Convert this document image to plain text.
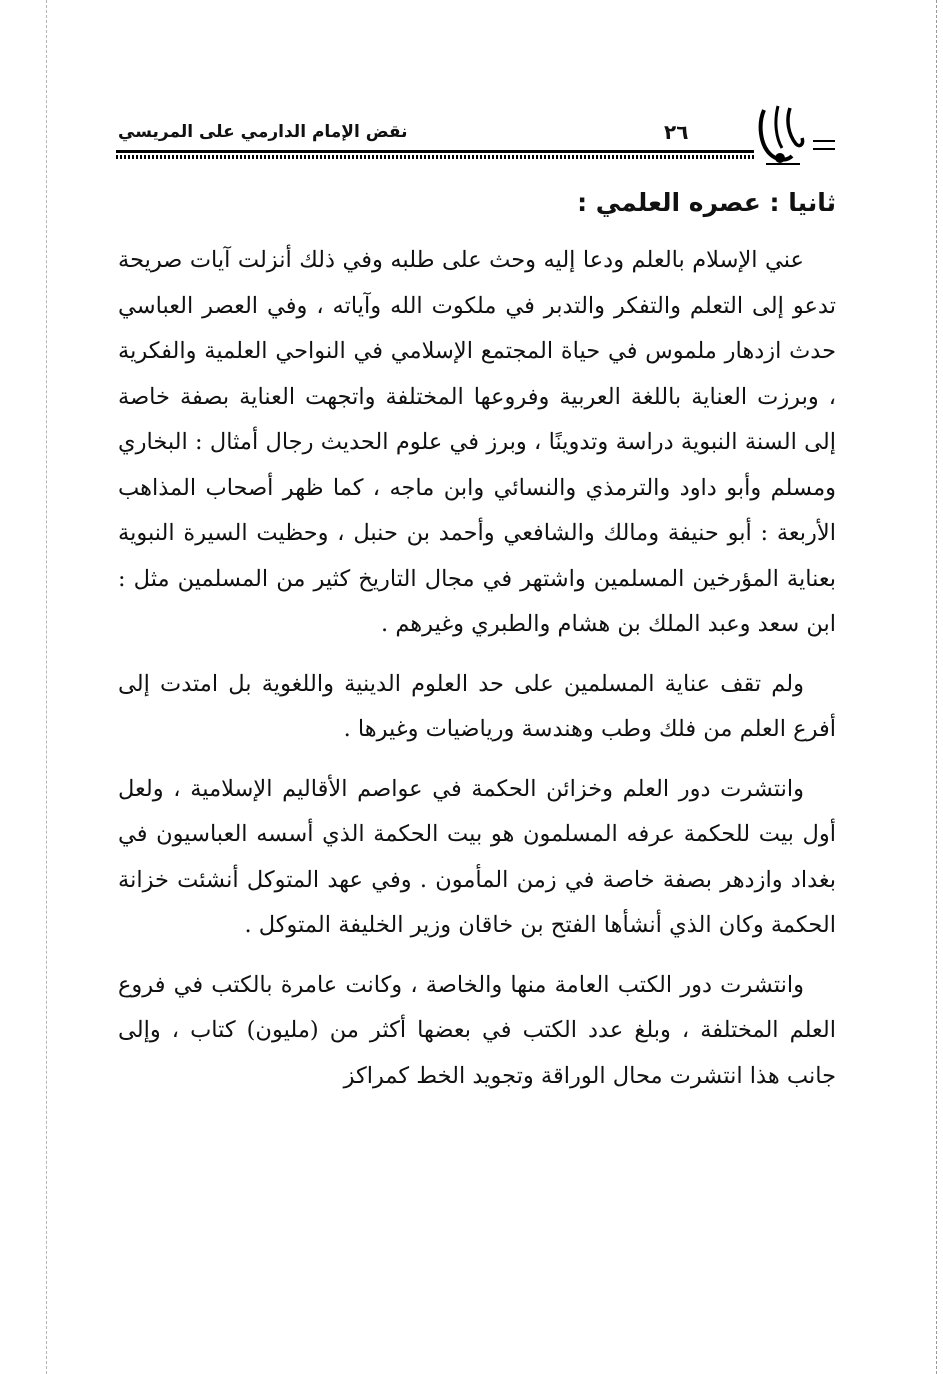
نقض الإمام الدارمي على المريسي	٢٦
ثانيا : عصره العلمي :

عني الإسلام بالعلم ودعا إليه وحث على طلبه وفي ذلك أنزلت آيات صريحة تدعو إلى التعلم والتفكر والتدبر في ملكوت الله وآياته ، وفي العصر العباسي حدث ازدهار ملموس في حياة المجتمع الإسلامي في النواحي العلمية والفكرية ، وبرزت العناية باللغة العربية وفروعها المختلفة واتجهت العناية بصفة خاصة إلى السنة النبوية دراسة وتدوينًا ، وبرز في علوم الحديث رجال أمثال : البخاري ومسلم وأبو داود والترمذي والنسائي وابن ماجه ، كما ظهر أصحاب المذاهب الأربعة : أبو حنيفة ومالك والشافعي وأحمد بن حنبل ، وحظيت السيرة النبوية بعناية المؤرخين المسلمين واشتهر في مجال التاريخ كثير من المسلمين مثل : ابن سعد وعبد الملك بن هشام والطبري وغيرهم .

ولم تقف عناية المسلمين على حد العلوم الدينية واللغوية بل امتدت إلى أفرع العلم من فلك وطب وهندسة ورياضيات وغيرها .

وانتشرت دور العلم وخزائن الحكمة في عواصم الأقاليم الإسلامية ، ولعل أول بيت للحكمة عرفه المسلمون هو بيت الحكمة الذي أسسه العباسيون في بغداد وازدهر بصفة خاصة في زمن المأمون . وفي عهد المتوكل أنشئت خزانة الحكمة وكان الذي أنشأها الفتح بن خاقان وزير الخليفة المتوكل .

وانتشرت دور الكتب العامة منها والخاصة ، وكانت عامرة بالكتب في فروع العلم المختلفة ، وبلغ عدد الكتب في بعضها أكثر من (مليون) كتاب ، وإلى جانب هذا انتشرت محال الوراقة وتجويد الخط كمراكز
